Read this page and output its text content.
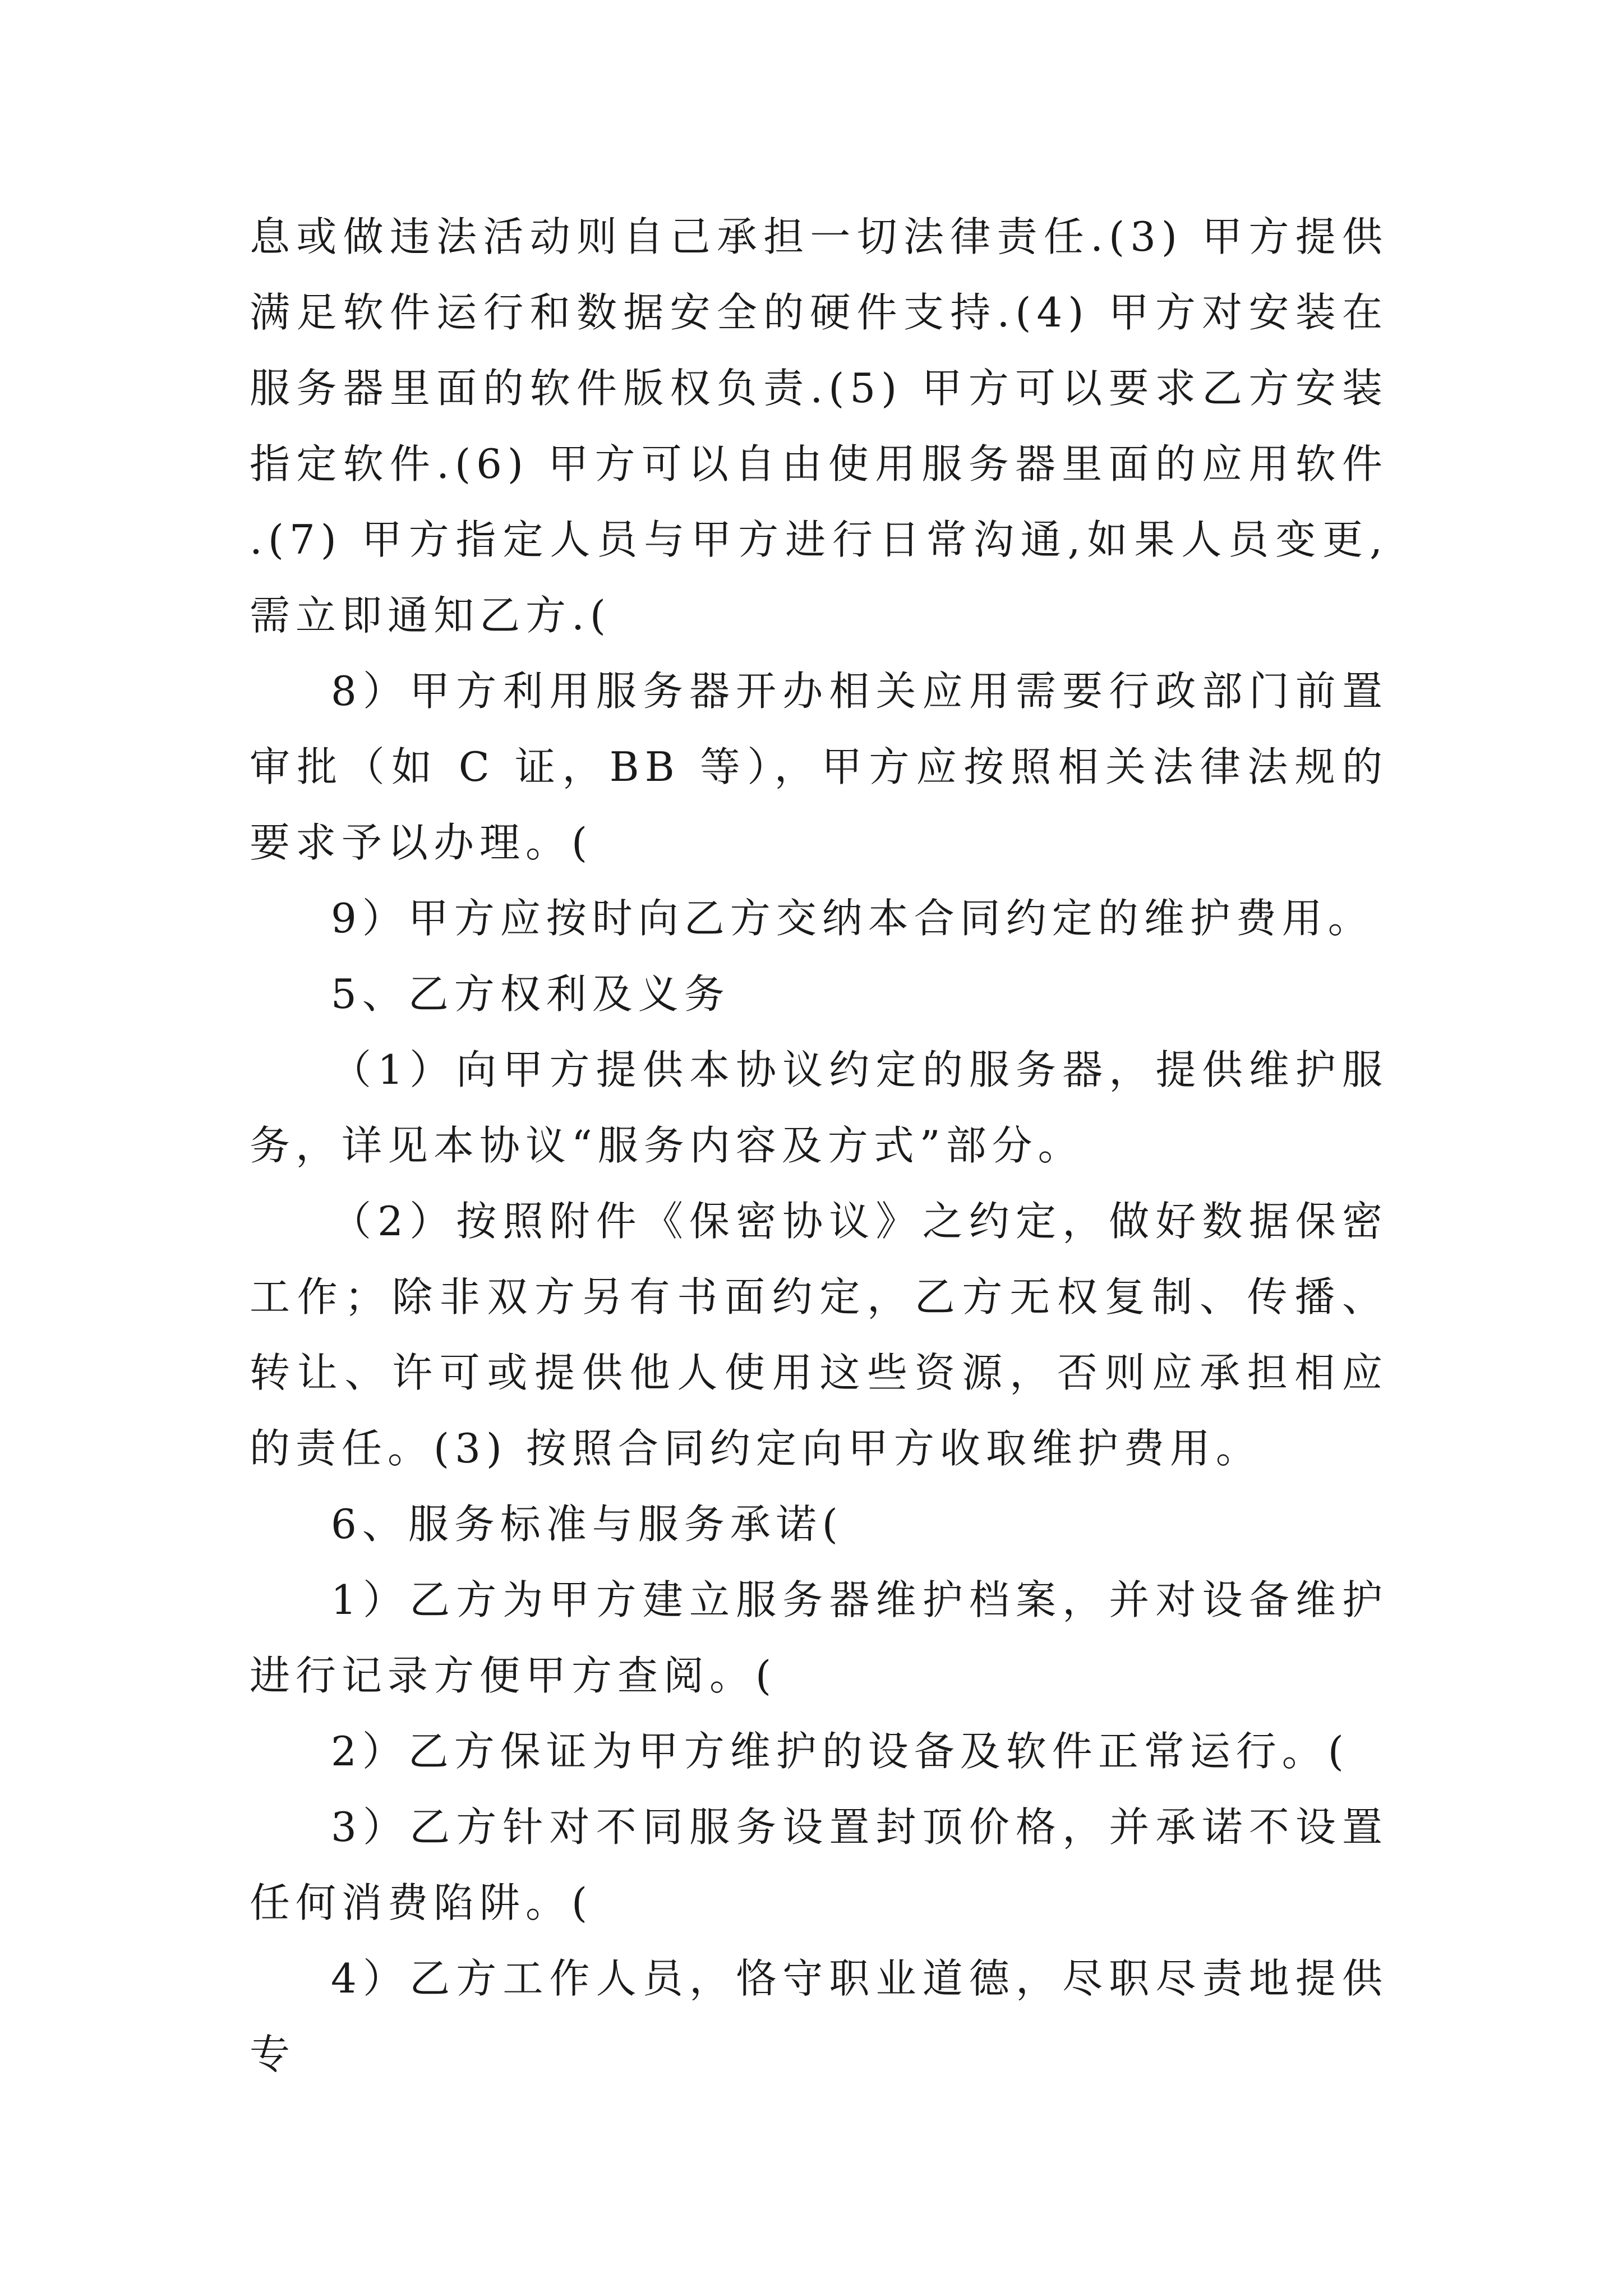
息或做违法活动则自己承担一切法律责任.(3) 甲方提供满足软件运行和数据安全的硬件支持.(4) 甲方对安装在服务器里面的软件版权负责.(5) 甲方可以要求乙方安装指定软件.(6) 甲方可以自由使用服务器里面的应用软件.(7) 甲方指定人员与甲方进行日常沟通,如果人员变更,需立即通知乙方.(

8）甲方利用服务器开办相关应用需要行政部门前置审批（如 C 证，BB 等），甲方应按照相关法律法规的要求予以办理。(

9）甲方应按时向乙方交纳本合同约定的维护费用。

5、乙方权利及义务

（1）向甲方提供本协议约定的服务器，提供维护服务，详见本协议“服务内容及方式”部分。

（2）按照附件《保密协议》之约定，做好数据保密工作；除非双方另有书面约定，乙方无权复制、传播、转让、许可或提供他人使用这些资源，否则应承担相应的责任。(3) 按照合同约定向甲方收取维护费用。

6、服务标准与服务承诺(

1）乙方为甲方建立服务器维护档案，并对设备维护进行记录方便甲方查阅。(

2）乙方保证为甲方维护的设备及软件正常运行。(

3）乙方针对不同服务设置封顶价格，并承诺不设置任何消费陷阱。(

4）乙方工作人员，恪守职业道德，尽职尽责地提供专
